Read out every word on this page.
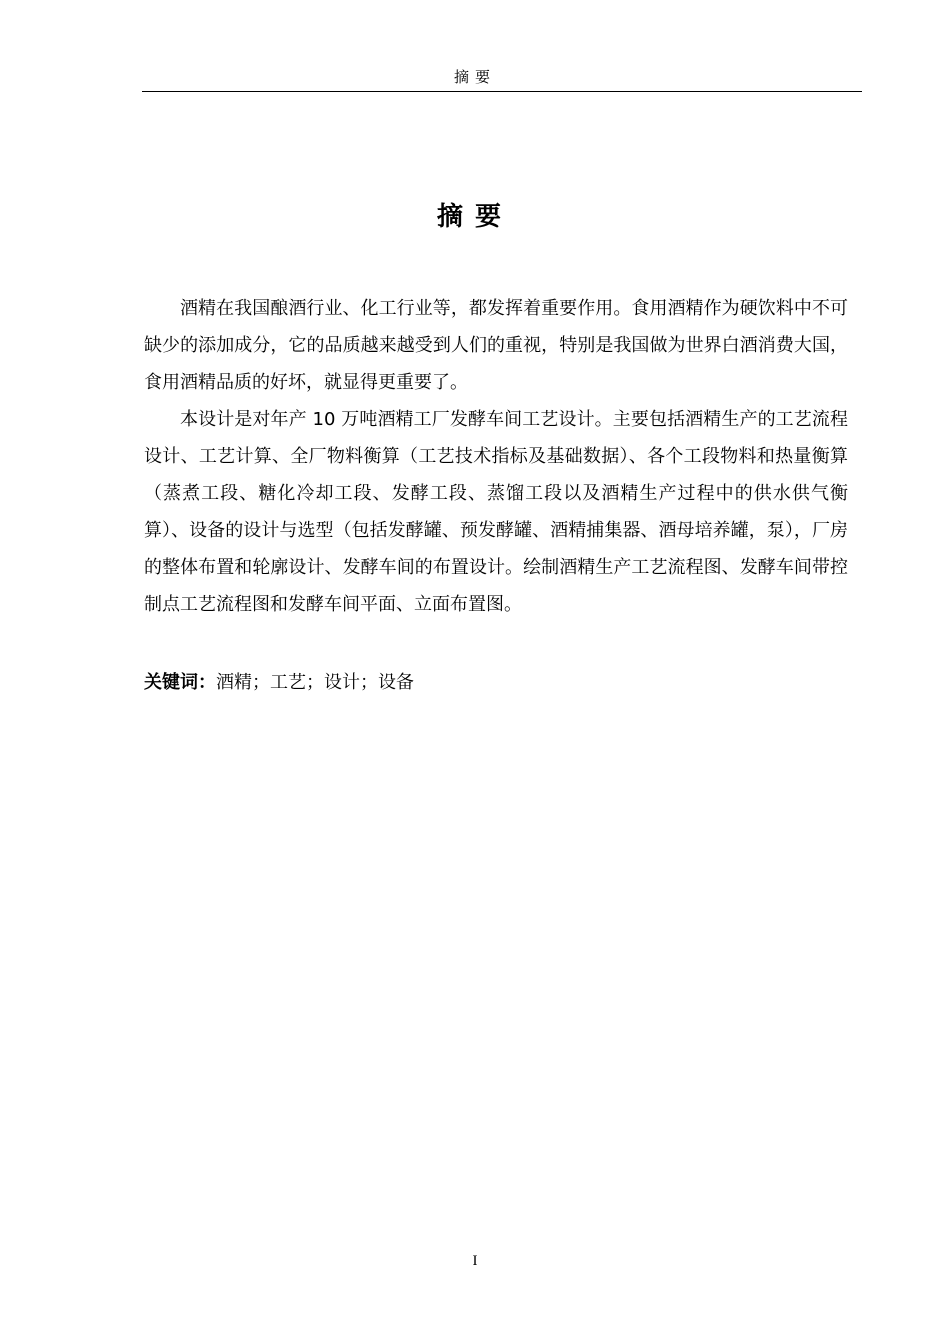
摘要
摘要

酒精在我国酿酒行业、化工行业等，都发挥着重要作用。食用酒精作为硬饮料中不可缺少的添加成分，它的品质越来越受到人们的重视，特别是我国做为世界白酒消费大国，食用酒精品质的好坏，就显得更重要了。

本设计是对年产 10 万吨酒精工厂发酵车间工艺设计。主要包括酒精生产的工艺流程设计、工艺计算、全厂物料衡算（工艺技术指标及基础数据）、各个工段物料和热量衡算（蒸煮工段、糖化冷却工段、发酵工段、蒸馏工段以及酒精生产过程中的供水供气衡算）、设备的设计与选型（包括发酵罐、预发酵罐、酒精捕集器、酒母培养罐，泵），厂房的整体布置和轮廓设计、发酵车间的布置设计。绘制酒精生产工艺流程图、发酵车间带控制点工艺流程图和发酵车间平面、立面布置图。

关键词：酒精；工艺；设计；设备
I
